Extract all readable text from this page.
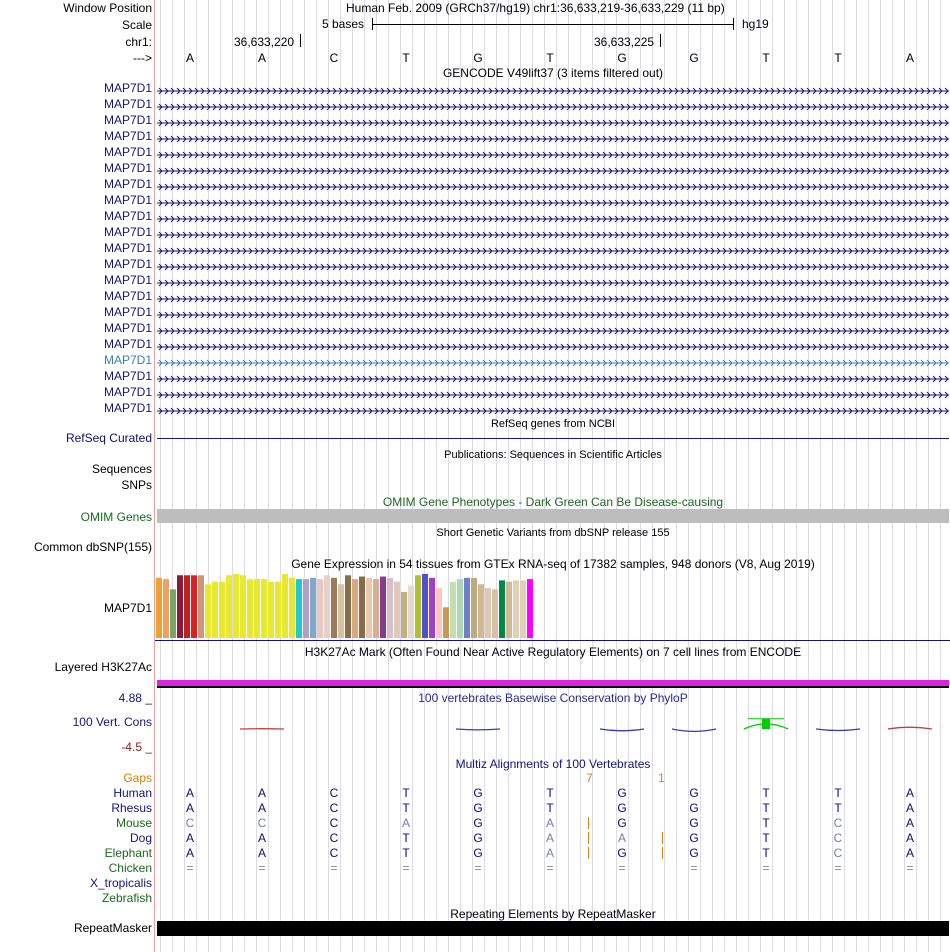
Window Position	Human Feb. 2009 (GRCh37/hg19) chr1:36,633,219-36,633,229 (11 bp)
Scale	5 bases	hg19
chr1:	36,633,220	36,633,225
--->	A	A	C	T	G	T	G	G	T	T	A
GENCODE V49lift37 (3 items filtered out)
MAP7D1
MAP7D1
MAP7D1
MAP7D1
MAP7D1
MAP7D1
MAP7D1
MAP7D1
MAP7D1
MAP7D1
MAP7D1
MAP7D1
MAP7D1
MAP7D1
MAP7D1
MAP7D1
MAP7D1
MAP7D1
MAP7D1
MAP7D1
MAP7D1
RefSeq genes from NCBI
RefSeq Curated
Publications: Sequences in Scientific Articles
Sequences
SNPs
OMIM Gene Phenotypes - Dark Green Can Be Disease-causing
OMIM Genes
Short Genetic Variants from dbSNP release 155
Common dbSNP(155)
Gene Expression in 54 tissues from GTEx RNA-seq of 17382 samples, 948 donors (V8, Aug 2019)
MAP7D1
H3K27Ac Mark (Often Found Near Active Regulatory Elements) on 7 cell lines from ENCODE
Layered H3K27Ac
4.88 _	100 vertebrates Basewise Conservation by PhyloP
100 Vert. Cons
-4.5 _
Multiz Alignments of 100 Vertebrates
Gaps	7	1
Human	A	A	C	T	G	T	G	G	T	T	A
Rhesus	A	A	C	T	G	T	G	G	T	T	A
Mouse	C	C	C	A	G	A	G	G	T	C	A
Dog	A	A	C	T	G	A	A	G	T	C	A
Elephant	A	A	C	T	G	A	G	G	T	C	A
Chicken	=	=	=	=	=	=	=	=	=	=	=
X_tropicalis
Zebrafish
Repeating Elements by RepeatMasker
RepeatMasker
